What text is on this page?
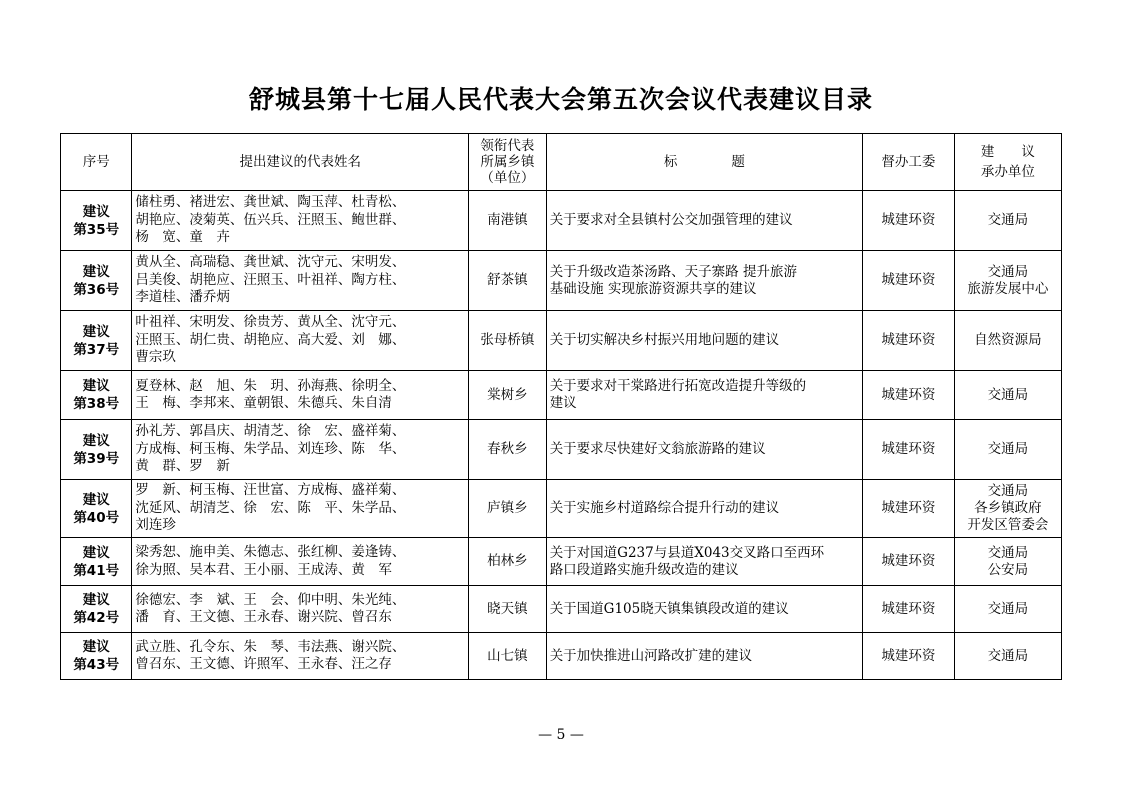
舒城县第十七届人民代表大会第五次会议代表建议目录
序号	提出建议的代表姓名	领衔代表
所属乡镇
（单位）	标　　　　题	督办工委	建　　议
承办单位
建议
第35号	储柱勇、褚进宏、龚世斌、陶玉萍、杜青松、
胡艳应、凌菊英、伍兴兵、汪照玉、鲍世群、
杨　宽、童　卉	南港镇	关于要求对全县镇村公交加强管理的建议	城建环资	交通局
建议
第36号	黄从全、高瑞稳、龚世斌、沈守元、宋明发、
吕美俊、胡艳应、汪照玉、叶祖祥、陶方柱、
李道桂、潘乔炳	舒茶镇	关于升级改造茶汤路、天子寨路 提升旅游
基础设施 实现旅游资源共享的建议	城建环资	交通局
旅游发展中心
建议
第37号	叶祖祥、宋明发、徐贵芳、黄从全、沈守元、
汪照玉、胡仁贵、胡艳应、高大爱、刘　娜、
曹宗玖	张母桥镇	关于切实解决乡村振兴用地问题的建议	城建环资	自然资源局
建议
第38号	夏登林、赵　旭、朱　玥、孙海燕、徐明全、
王　梅、李邦来、童朝银、朱德兵、朱自清	棠树乡	关于要求对干棠路进行拓宽改造提升等级的
建议	城建环资	交通局
建议
第39号	孙礼芳、郭昌庆、胡清芝、徐　宏、盛祥菊、
方成梅、柯玉梅、朱学品、刘连珍、陈　华、
黄　群、罗　新	春秋乡	关于要求尽快建好文翁旅游路的建议	城建环资	交通局
建议
第40号	罗　新、柯玉梅、汪世富、方成梅、盛祥菊、
沈延风、胡清芝、徐　宏、陈　平、朱学品、
刘连珍	庐镇乡	关于实施乡村道路综合提升行动的建议	城建环资	交通局
各乡镇政府
开发区管委会
建议
第41号	梁秀恕、施申美、朱德志、张红柳、姜逢铸、
徐为照、吴本君、王小丽、王成涛、黄　军	柏林乡	关于对国道G237与县道X043交叉路口至西环
路口段道路实施升级改造的建议	城建环资	交通局
公安局
建议
第42号	徐德宏、李　斌、王　会、仰中明、朱光纯、
潘　育、王文德、王永春、谢兴院、曾召东	晓天镇	关于国道G105晓天镇集镇段改道的建议	城建环资	交通局
建议
第43号	武立胜、孔令东、朱　琴、韦法燕、谢兴院、
曾召东、王文德、许照军、王永春、汪之存	山七镇	关于加快推进山河路改扩建的建议	城建环资	交通局
— 5 —
